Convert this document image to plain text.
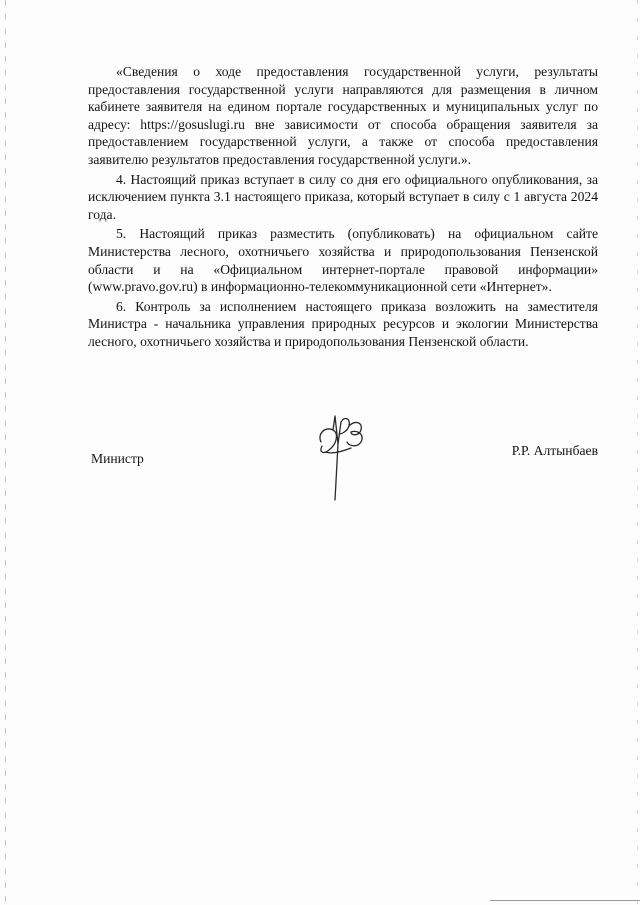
«Сведения о ходе предоставления государственной услуги, результаты предоставления государственной услуги направляются для размещения в личном кабинете заявителя на едином портале государственных и муниципальных услуг по адресу: https://gosuslugi.ru вне зависимости от способа обращения заявителя за предоставлением государственной услуги, а также от способа предоставления заявителю результатов предоставления государственной услуги.».

4. Настоящий приказ вступает в силу со дня его официального опубликования, за исключением пункта 3.1 настоящего приказа, который вступает в силу с 1 августа 2024 года.

5. Настоящий приказ разместить (опубликовать) на официальном сайте Министерства лесного, охотничьего хозяйства и природопользования Пензенской области и на «Официальном интернет-портале правовой информации» (www.pravo.gov.ru) в информационно-телекоммуникационной сети «Интернет».

6. Контроль за исполнением настоящего приказа возложить на заместителя Министра - начальника управления природных ресурсов и экологии Министерства лесного, охотничьего хозяйства и природопользования Пензенской области.

Министр
Р.Р. Алтынбаев
